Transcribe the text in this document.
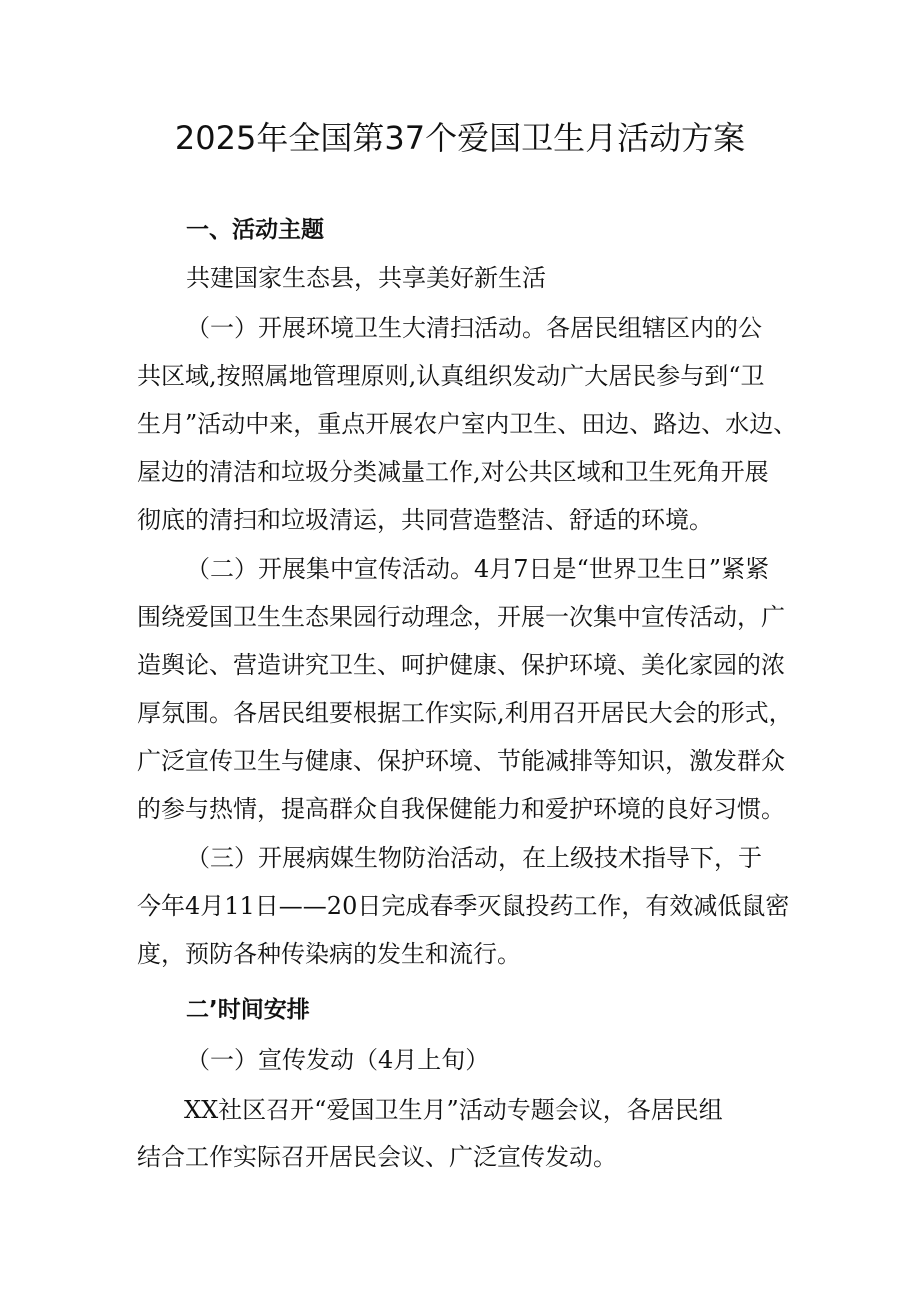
2025年全国第37个爱国卫生月活动方案
一、活动主题
共建国家生态县，共享美好新生活
（一）开展环境卫生大清扫活动。各居民组辖区内的公
共区域,按照属地管理原则,认真组织发动广大居民参与到“卫
生月”活动中来，重点开展农户室内卫生、田边、路边、水边、
屋边的清洁和垃圾分类减量工作,对公共区域和卫生死角开展
彻底的清扫和垃圾清运，共同营造整洁、舒适的环境。
（二）开展集中宣传活动。4月7日是“世界卫生日”紧紧
围绕爱国卫生生态果园行动理念，开展一次集中宣传活动，广
造舆论、营造讲究卫生、呵护健康、保护环境、美化家园的浓
厚氛围。各居民组要根据工作实际,利用召开居民大会的形式，
广泛宣传卫生与健康、保护环境、节能减排等知识，激发群众
的参与热情，提高群众自我保健能力和爱护环境的良好习惯。
（三）开展病媒生物防治活动，在上级技术指导下，于
今年4月11日——20日完成春季灭鼠投药工作，有效减低鼠密
度，预防各种传染病的发生和流行。
二’时间安排
（一）宣传发动（4月上旬）
XX社区召开“爱国卫生月”活动专题会议，各居民组
结合工作实际召开居民会议、广泛宣传发动。
